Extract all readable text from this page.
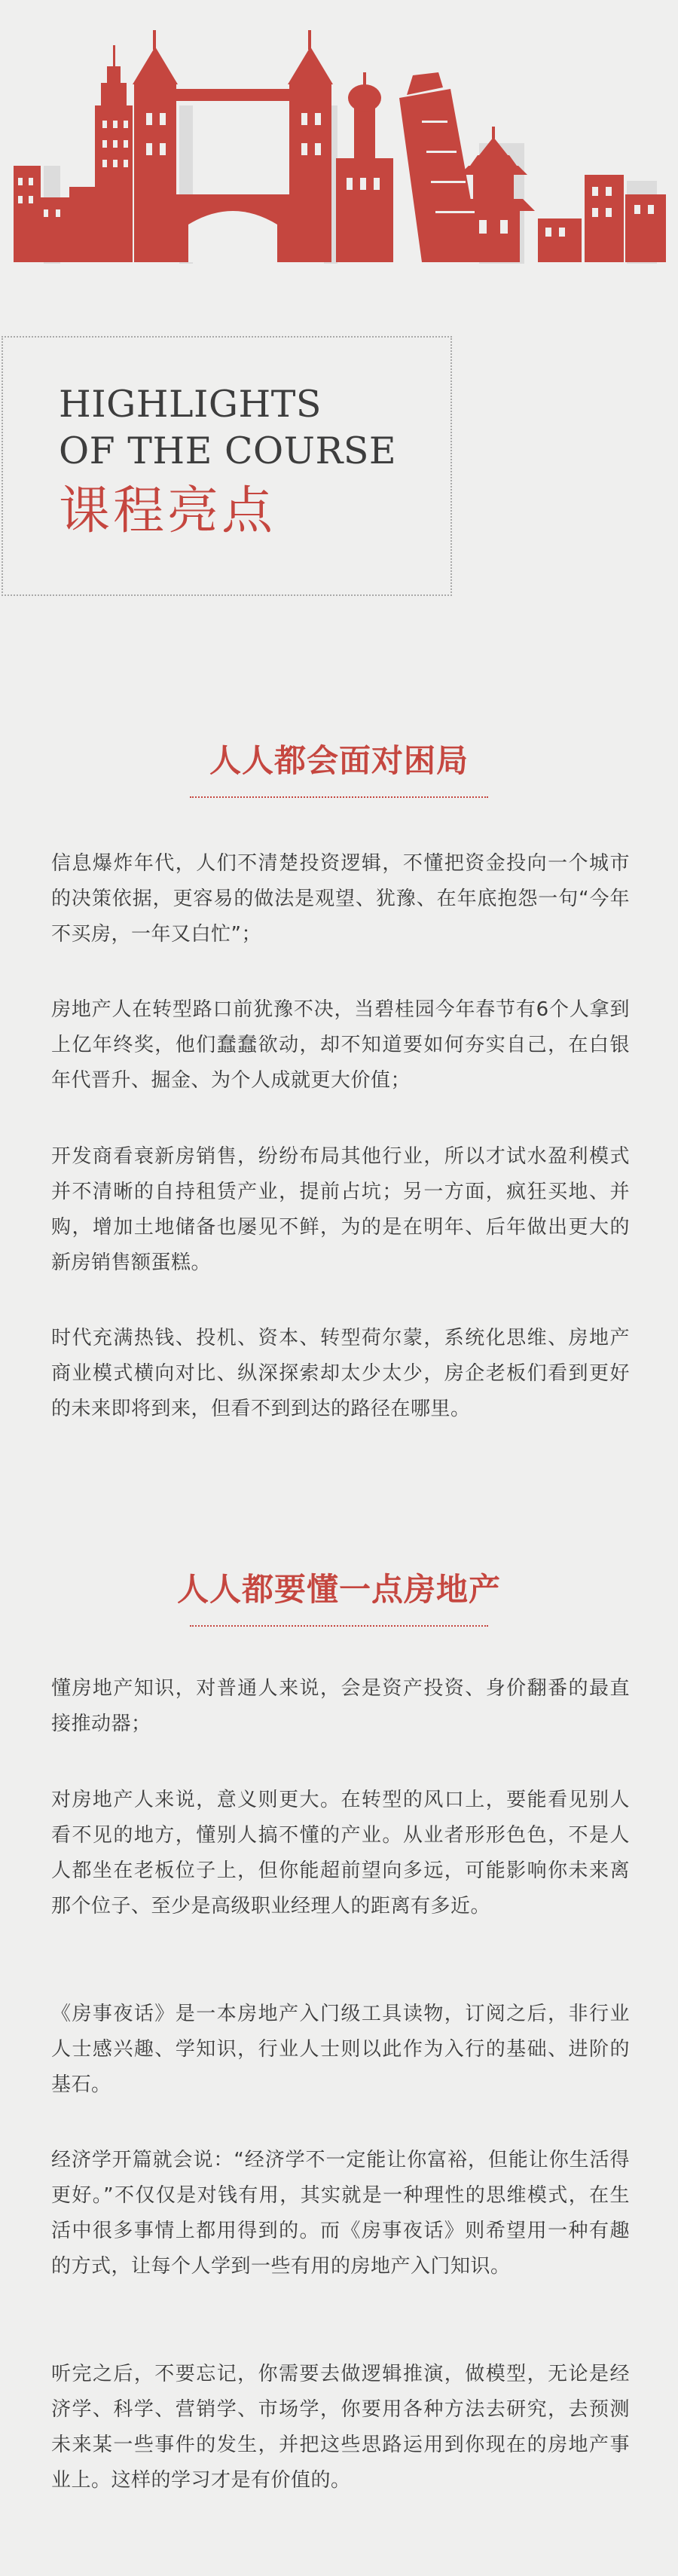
HIGHLIGHTS
OF THE COURSE
课程亮点
人人都会面对困局

信息爆炸年代，人们不清楚投资逻辑，不懂把资金投向一个城市的决策依据，更容易的做法是观望、犹豫、在年底抱怨一句“今年不买房，一年又白忙”；

房地产人在转型路口前犹豫不决，当碧桂园今年春节有6个人拿到上亿年终奖，他们蠢蠢欲动，却不知道要如何夯实自己，在白银年代晋升、掘金、为个人成就更大价值；

开发商看衰新房销售，纷纷布局其他行业，所以才试水盈利模式并不清晰的自持租赁产业，提前占坑；另一方面，疯狂买地、并购，增加土地储备也屡见不鲜，为的是在明年、后年做出更大的新房销售额蛋糕。

时代充满热钱、投机、资本、转型荷尔蒙，系统化思维、房地产商业模式横向对比、纵深探索却太少太少，房企老板们看到更好的未来即将到来，但看不到到达的路径在哪里。

人人都要懂一点房地产

懂房地产知识，对普通人来说，会是资产投资、身价翻番的最直接推动器；

对房地产人来说，意义则更大。在转型的风口上，要能看见别人看不见的地方，懂别人搞不懂的产业。从业者形形色色，不是人人都坐在老板位子上，但你能超前望向多远，可能影响你未来离那个位子、至少是高级职业经理人的距离有多近。

《房事夜话》是一本房地产入门级工具读物，订阅之后，非行业人士感兴趣、学知识，行业人士则以此作为入行的基础、进阶的基石。

经济学开篇就会说：“经济学不一定能让你富裕，但能让你生活得更好。”不仅仅是对钱有用，其实就是一种理性的思维模式，在生活中很多事情上都用得到的。而《房事夜话》则希望用一种有趣的方式，让每个人学到一些有用的房地产入门知识。

听完之后，不要忘记，你需要去做逻辑推演，做模型，无论是经济学、科学、营销学、市场学，你要用各种方法去研究，去预测未来某一些事件的发生，并把这些思路运用到你现在的房地产事业上。这样的学习才是有价值的。
